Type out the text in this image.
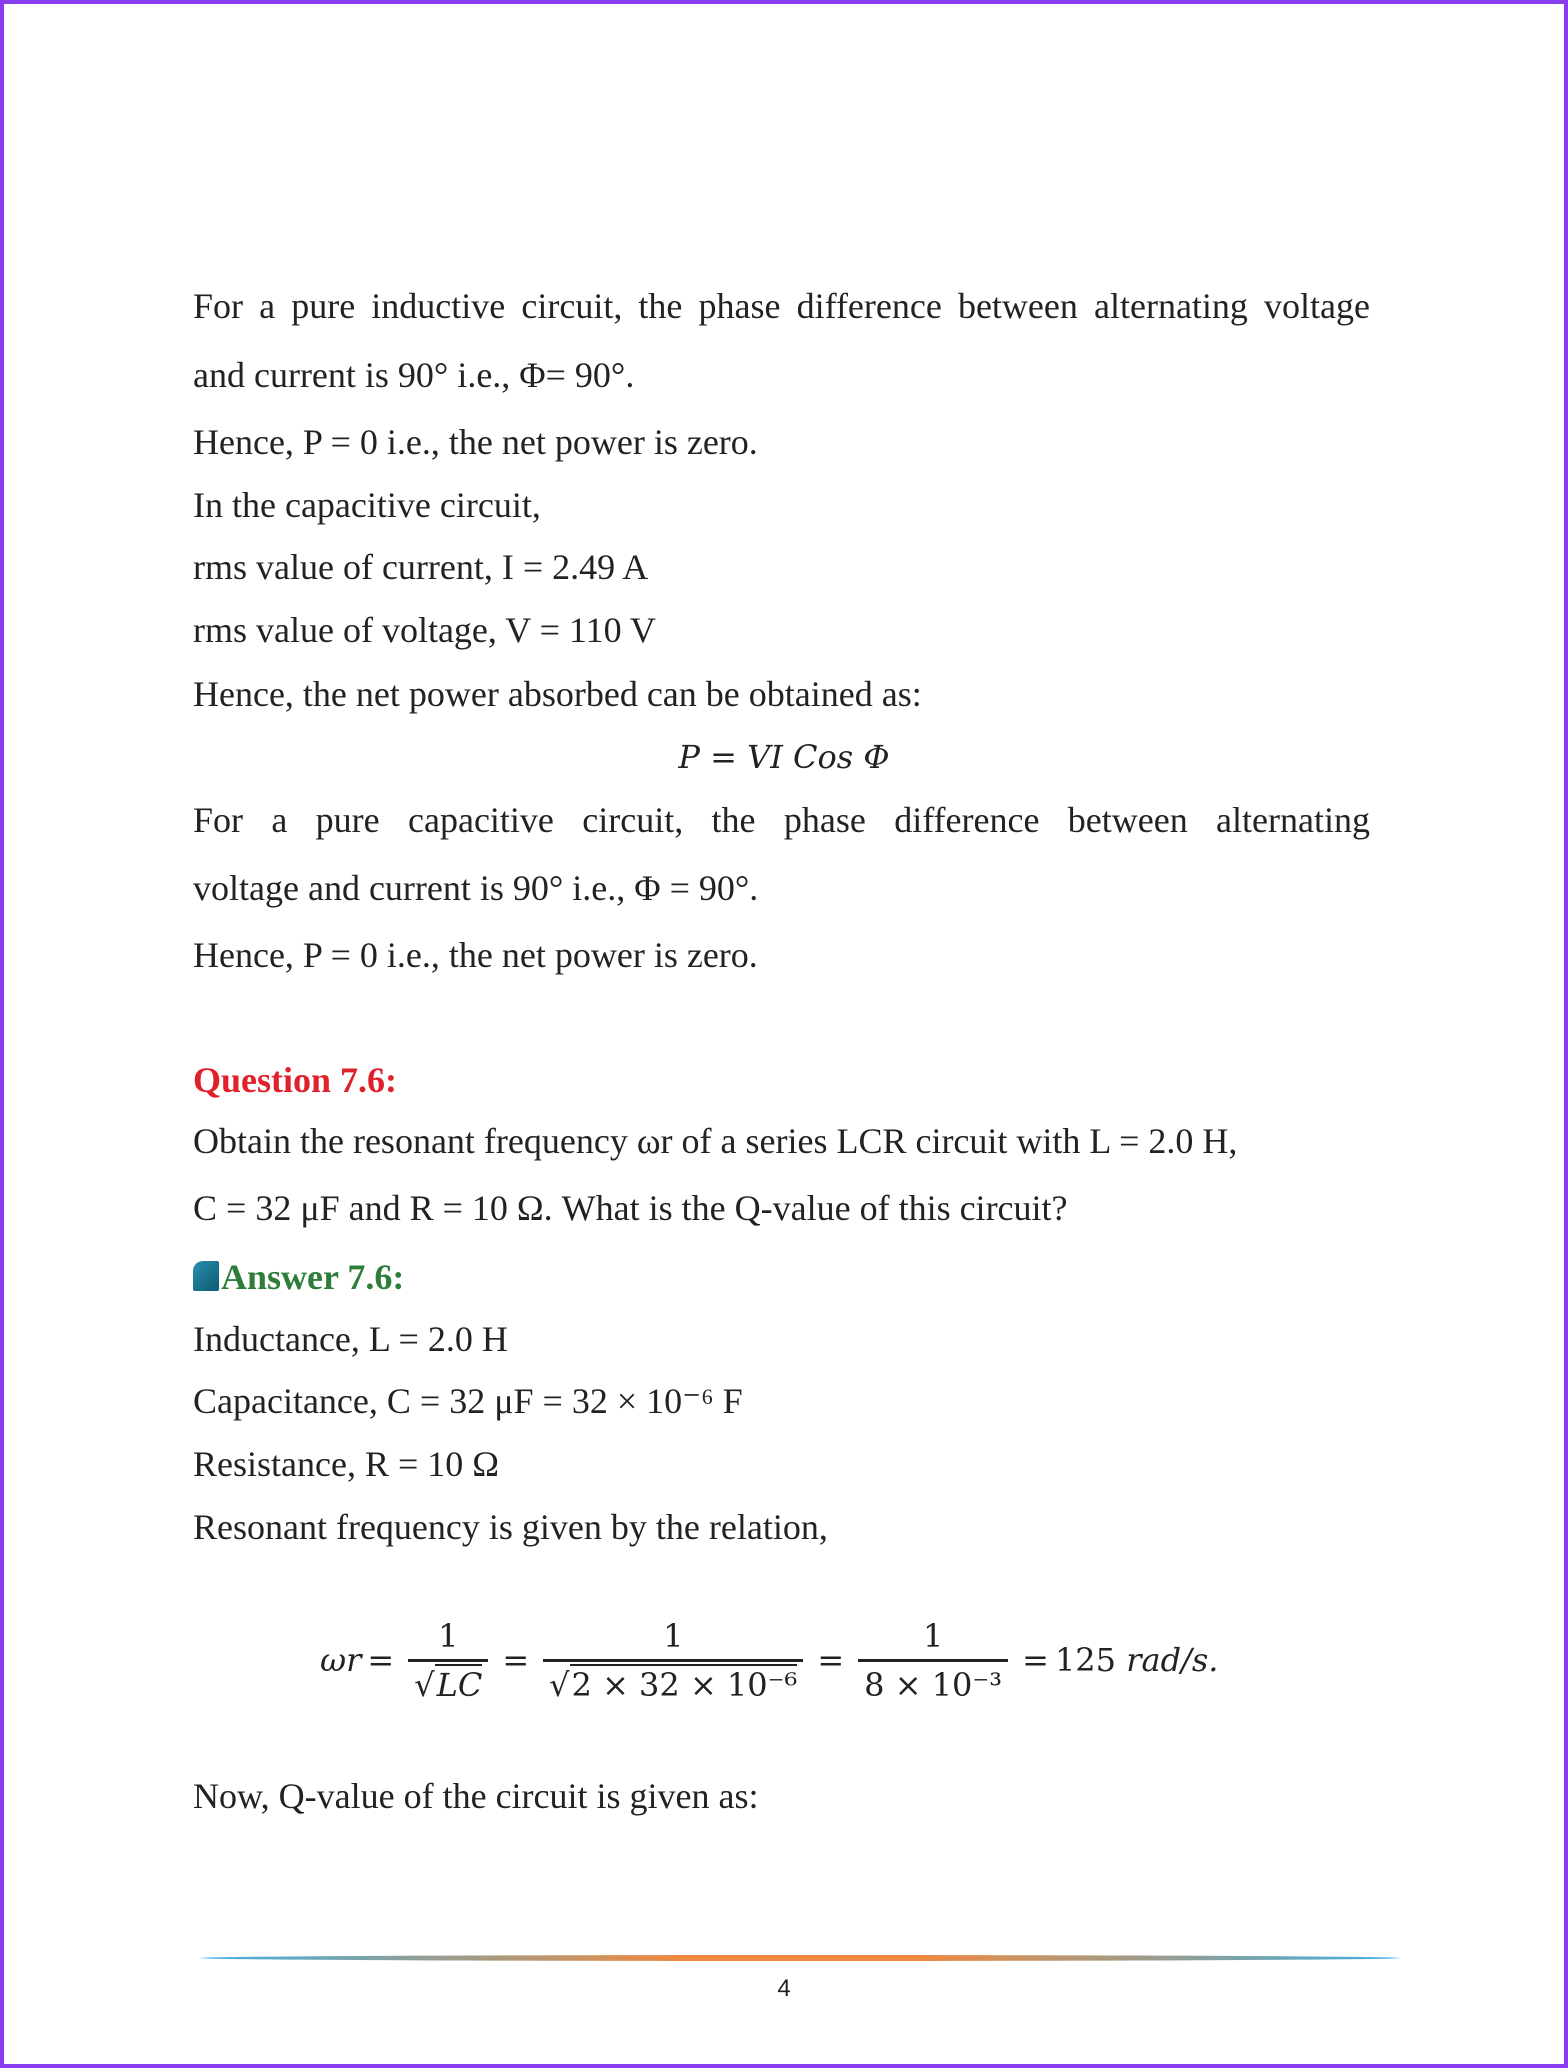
For a pure inductive circuit, the phase difference between alternating voltage
and current is 90° i.e., Φ= 90°.
Hence, P = 0 i.e., the net power is zero.
In the capacitive circuit,
rms value of current, I = 2.49 A
rms value of voltage, V = 110 V
Hence, the net power absorbed can be obtained as:
P = VI Cos Φ
For a pure capacitive circuit, the phase difference between alternating
voltage and current is 90° i.e., Φ = 90°.
Hence, P = 0 i.e., the net power is zero.
Question 7.6:
Obtain the resonant frequency ωr of a series LCR circuit with L = 2.0 H,
C = 32 μF and R = 10 Ω. What is the Q-value of this circuit?
Answer 7.6:
Inductance, L = 2.0 H
Capacitance, C = 32 μF = 32 × 10⁻⁶ F
Resistance, R = 10 Ω
Resonant frequency is given by the relation,
$\omega r = \frac{1}{√LC} = \frac{1}{\text{√2 × 32 × 10⁻⁶}} = \frac{1}{\text{8 × 10⁻³}} = 125$
rad/s.
Now, Q-value of the circuit is given as:
4
